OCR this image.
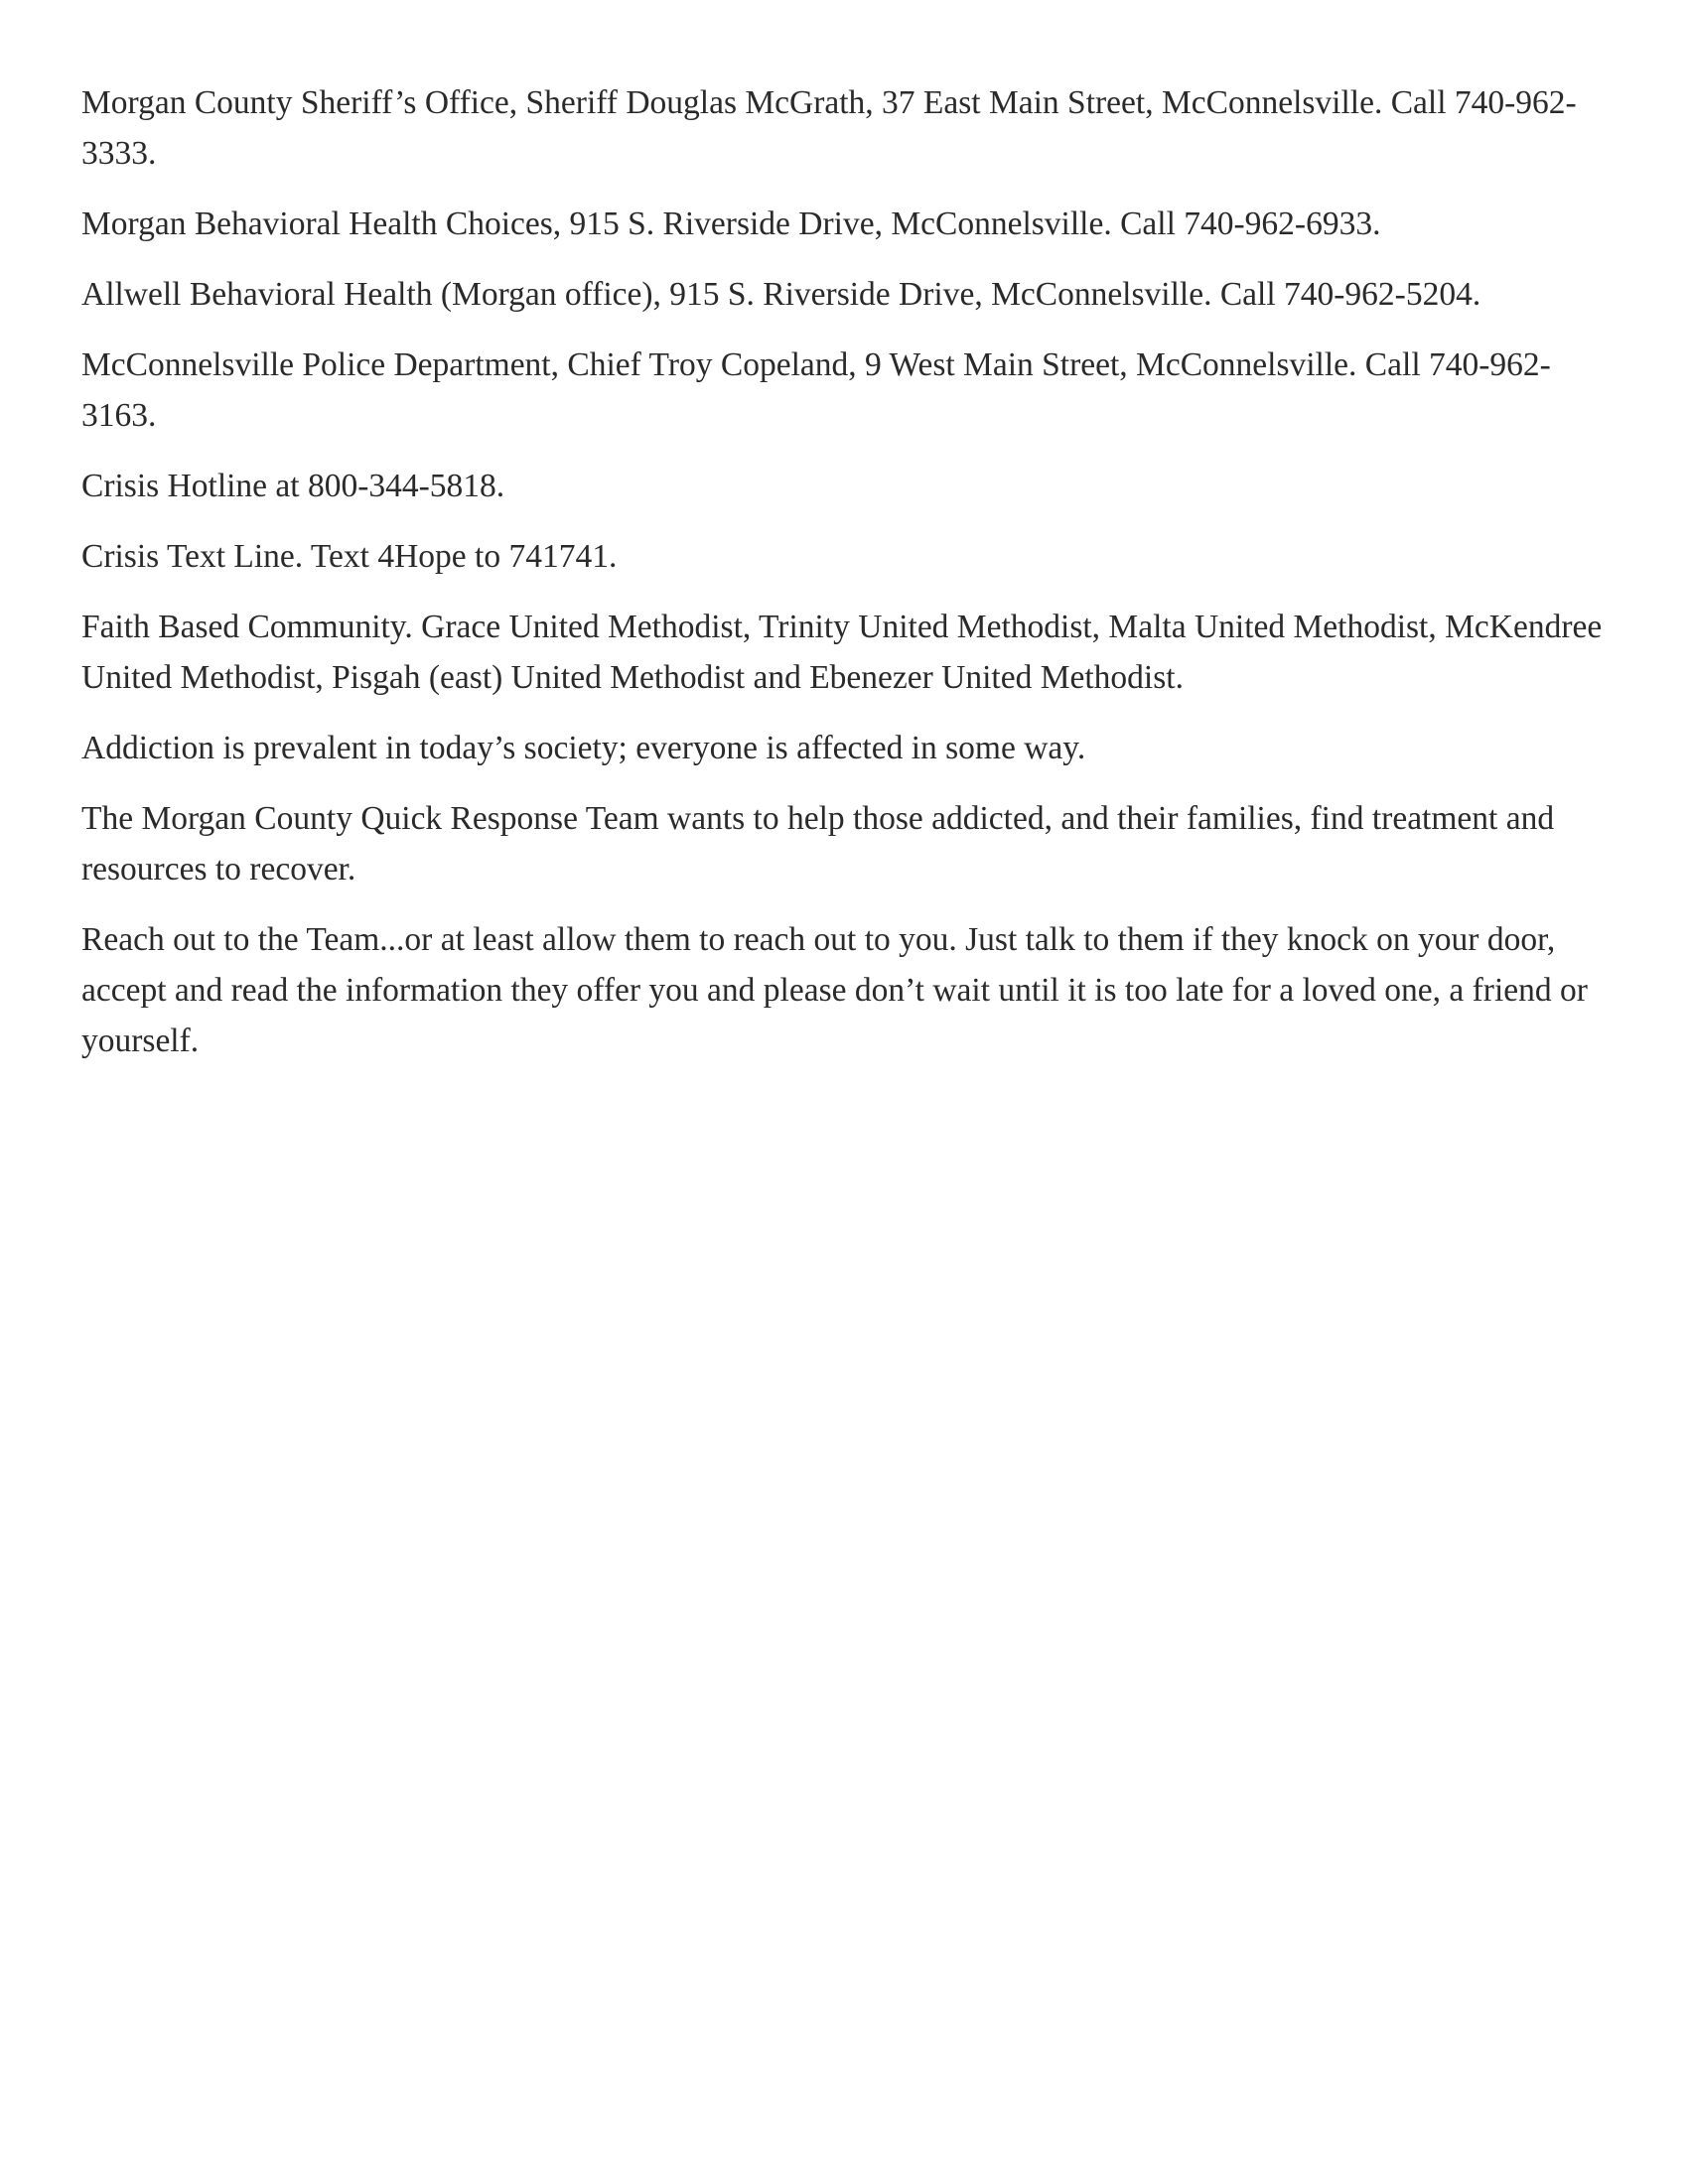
Morgan County Sheriff’s Office, Sheriff Douglas McGrath, 37 East Main Street, McConnelsville. Call 740-962-3333.

Morgan Behavioral Health Choices, 915 S. Riverside Drive, McConnelsville. Call 740-962-6933.

Allwell Behavioral Health (Morgan office), 915 S. Riverside Drive, McConnelsville. Call 740-962-5204.

McConnelsville Police Department, Chief Troy Copeland, 9 West Main Street, McConnelsville. Call 740-962-3163.

Crisis Hotline at 800-344-5818.

Crisis Text Line. Text 4Hope to 741741.

Faith Based Community. Grace United Methodist, Trinity United Methodist, Malta United Methodist, McKendree United Methodist, Pisgah (east) United Methodist and Ebenezer United Methodist.

Addiction is prevalent in today’s society; everyone is affected in some way.

The Morgan County Quick Response Team wants to help those addicted, and their families, find treatment and resources to recover.

Reach out to the Team...or at least allow them to reach out to you. Just talk to them if they knock on your door, accept and read the information they offer you and please don’t wait until it is too late for a loved one, a friend or yourself.
